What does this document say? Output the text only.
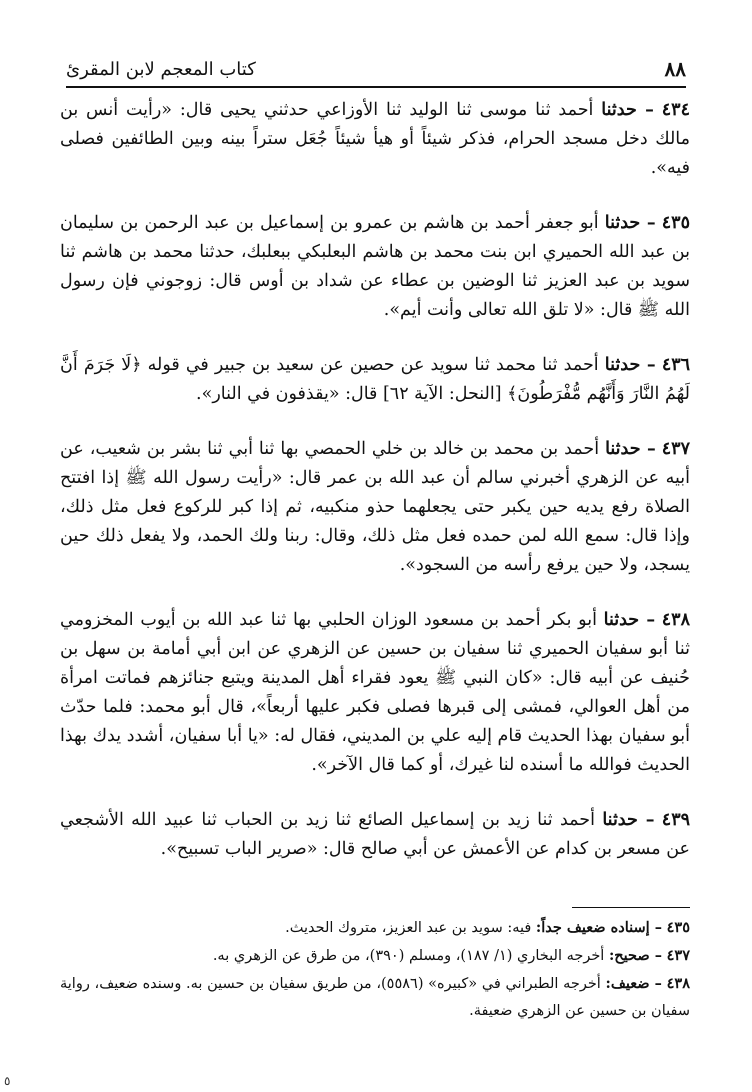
٨٨
كتاب المعجم لابن المقرئ

٤٣٤ – حدثنا أحمد ثنا موسى ثنا الوليد ثنا الأوزاعي حدثني يحيى قال: «رأيت أنس بن مالك دخل مسجد الحرام، فذكر شيئاً أو هيأ شيئاً جُعَل ستراً بينه وبين الطائفين فصلى فيه».

٤٣٥ – حدثنا أبو جعفر أحمد بن هاشم بن عمرو بن إسماعيل بن عبد الرحمن بن سليمان بن عبد الله الحميري ابن بنت محمد بن هاشم البعلبكي ببعلبك، حدثنا محمد بن هاشم ثنا سويد بن عبد العزيز ثنا الوضين بن عطاء عن شداد بن أوس قال: زوجوني فإن رسول الله ﷺ قال: «لا تلق الله تعالى وأنت أيم».

٤٣٦ – حدثنا أحمد ثنا محمد ثنا سويد عن حصين عن سعيد بن جبير في قوله ﴿لَا جَرَمَ أَنَّ لَهُمُ النَّارَ وَأَنَّهُم مُّفْرَطُونَ﴾ [النحل: الآية ٦٢] قال: «يقذفون في النار».

٤٣٧ – حدثنا أحمد بن محمد بن خالد بن خلي الحمصي بها ثنا أبي ثنا بشر بن شعيب، عن أبيه عن الزهري أخبرني سالم أن عبد الله بن عمر قال: «رأيت رسول الله ﷺ إذا افتتح الصلاة رفع يديه حين يكبر حتى يجعلهما حذو منكبيه، ثم إذا كبر للركوع فعل مثل ذلك، وإذا قال: سمع الله لمن حمده فعل مثل ذلك، وقال: ربنا ولك الحمد، ولا يفعل ذلك حين يسجد، ولا حين يرفع رأسه من السجود».

٤٣٨ – حدثنا أبو بكر أحمد بن مسعود الوزان الحلبي بها ثنا عبد الله بن أيوب المخزومي ثنا أبو سفيان الحميري ثنا سفيان بن حسين عن الزهري عن ابن أبي أمامة بن سهل بن حُنيف عن أبيه قال: «كان النبي ﷺ يعود فقراء أهل المدينة ويتبع جنائزهم فماتت امرأة من أهل العوالي، فمشى إلى قبرها فصلى فكبر عليها أربعاً»، قال أبو محمد: فلما حدّث أبو سفيان بهذا الحديث قام إليه علي بن المديني، فقال له: «يا أبا سفيان، أشدد يدك بهذا الحديث فوالله ما أسنده لنا غيرك، أو كما قال الآخر».

٤٣٩ – حدثنا أحمد ثنا زيد بن إسماعيل الصائع ثنا زيد بن الحباب ثنا عبيد الله الأشجعي عن مسعر بن كدام عن الأعمش عن أبي صالح قال: «صرير الباب تسبيح».

٤٣٥ – إسناده ضعيف جداً: فيه: سويد بن عبد العزيز، متروك الحديث.

٤٣٧ – صحيح: أخرجه البخاري (١/ ١٨٧)، ومسلم (٣٩٠)، من طرق عن الزهري به.

٤٣٨ – ضعيف: أخرجه الطبراني في «كبيره» (٥٥٨٦)، من طريق سفيان بن حسين به. وسنده ضعيف، رواية سفيان بن حسين عن الزهري ضعيفة.

٥
